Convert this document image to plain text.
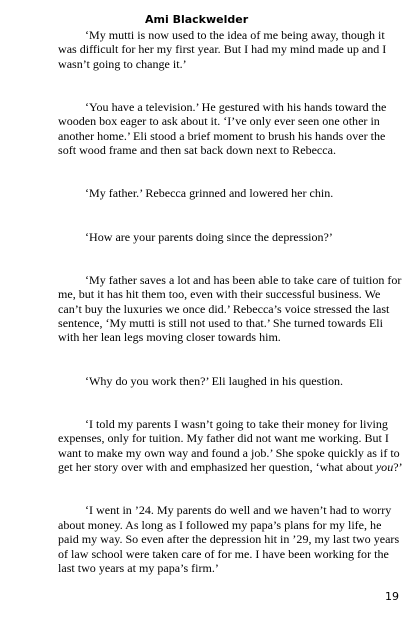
Ami Blackwelder

‘My mutti is now used to the idea of me being away, though it was difficult for her my first year. But I had my mind made up and I wasn’t going to change it.’

‘You have a television.’ He gestured with his hands toward the wooden box eager to ask about it. ‘I’ve only ever seen one other in another home.’ Eli stood a brief moment to brush his hands over the soft wood frame and then sat back down next to Rebecca.

‘My father.’ Rebecca grinned and lowered her chin.

‘How are your parents doing since the depression?’

‘My father saves a lot and has been able to take care of tuition for me, but it has hit them too, even with their successful business. We can’t buy the luxuries we once did.’ Rebecca’s voice stressed the last sentence, ‘My mutti is still not used to that.’ She turned towards Eli with her lean legs moving closer towards him.

‘Why do you work then?’ Eli laughed in his question.

‘I told my parents I wasn’t going to take their money for living expenses, only for tuition. My father did not want me working. But I want to make my own way and found a job.’ She spoke quickly as if to get her story over with and emphasized her question, ‘what about you?’

‘I went in ’24. My parents do well and we haven’t had to worry about money. As long as I followed my papa’s plans for my life, he paid my way. So even after the depression hit in ’29, my last two years of law school were taken care of for me. I have been working for the last two years at my papa’s firm.’

19
